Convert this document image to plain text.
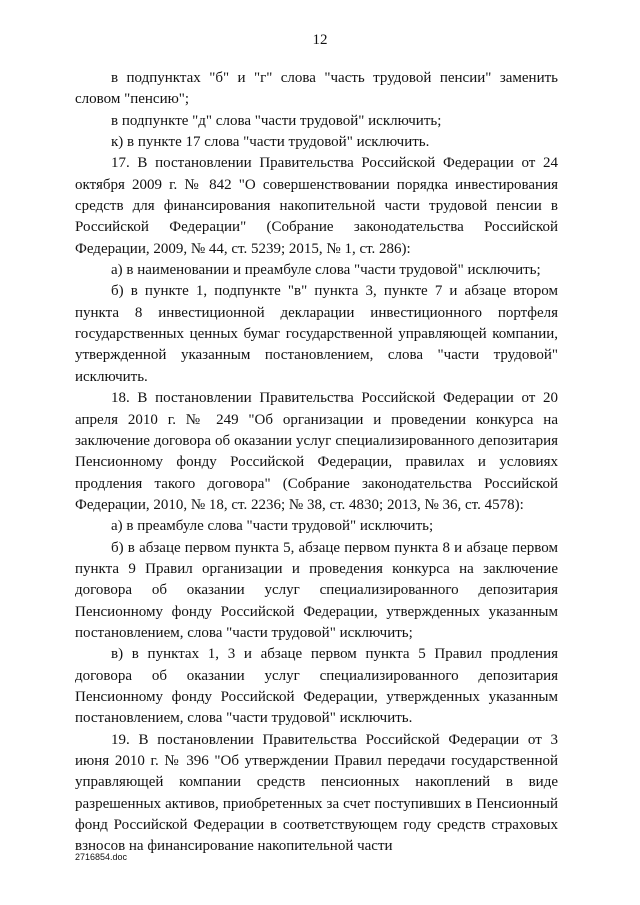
12

в подпунктах "б" и "г" слова "часть трудовой пенсии" заменить словом "пенсию";

в подпункте "д" слова "части трудовой" исключить;

к) в пункте 17 слова "части трудовой" исключить.

17. В постановлении Правительства Российской Федерации от 24 октября 2009 г. № 842 "О совершенствовании порядка инвестирования средств для финансирования накопительной части трудовой пенсии в Российской Федерации" (Собрание законодательства Российской Федерации, 2009, № 44, ст. 5239; 2015, № 1, ст. 286):

а) в наименовании и преамбуле слова "части трудовой" исключить;

б) в пункте 1, подпункте "в" пункта 3, пункте 7 и абзаце втором пункта 8 инвестиционной декларации инвестиционного портфеля государственных ценных бумаг государственной управляющей компании, утвержденной указанным постановлением, слова "части трудовой" исключить.

18. В постановлении Правительства Российской Федерации от 20 апреля 2010 г. № 249 "Об организации и проведении конкурса на заключение договора об оказании услуг специализированного депозитария Пенсионному фонду Российской Федерации, правилах и условиях продления такого договора" (Собрание законодательства Российской Федерации, 2010, № 18, ст. 2236; № 38, ст. 4830; 2013, № 36, ст. 4578):

а) в преамбуле слова "части трудовой" исключить;

б) в абзаце первом пункта 5, абзаце первом пункта 8 и абзаце первом пункта 9 Правил организации и проведения конкурса на заключение договора об оказании услуг специализированного депозитария Пенсионному фонду Российской Федерации, утвержденных указанным постановлением, слова "части трудовой" исключить;

в) в пунктах 1, 3 и абзаце первом пункта 5 Правил продления договора об оказании услуг специализированного депозитария Пенсионному фонду Российской Федерации, утвержденных указанным постановлением, слова "части трудовой" исключить.

19. В постановлении Правительства Российской Федерации от 3 июня 2010 г. № 396 "Об утверждении Правил передачи государственной управляющей компании средств пенсионных накоплений в виде разрешенных активов, приобретенных за счет поступивших в Пенсионный фонд Российской Федерации в соответствующем году средств страховых взносов на финансирование накопительной части

2716854.doc
